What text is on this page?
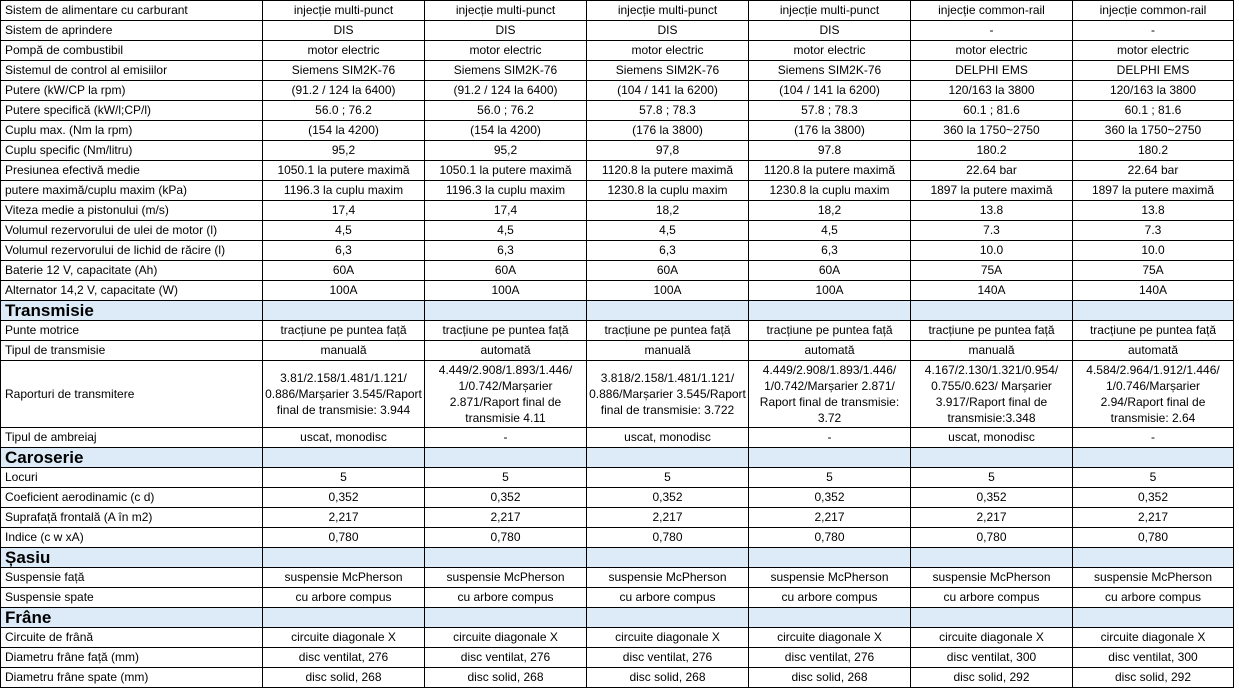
Sistem de alimentare cu carburant	injecție multi-punct	injecție multi-punct	injecție multi-punct	injecție multi-punct	injecție common-rail	injecție common-rail
Sistem de aprindere	DIS	DIS	DIS	DIS	-	-
Pompă de combustibil	motor electric	motor electric	motor electric	motor electric	motor electric	motor electric
Sistemul de control al emisiilor	Siemens SIM2K-76	Siemens SIM2K-76	Siemens SIM2K-76	Siemens SIM2K-76	DELPHI EMS	DELPHI EMS
Putere (kW/CP la rpm)	(91.2 / 124 la 6400)	(91.2 / 124 la 6400)	(104 / 141 la 6200)	(104 / 141 la 6200)	120/163 la 3800	120/163 la 3800
Putere specifică (kW/l;CP/l)	56.0 ; 76.2	56.0 ; 76.2	57.8 ; 78.3	57.8 ; 78.3	60.1 ; 81.6	60.1 ; 81.6
Cuplu max. (Nm la rpm)	(154 la 4200)	(154 la 4200)	(176 la 3800)	(176 la 3800)	360 la 1750~2750	360 la 1750~2750
Cuplu specific (Nm/litru)	95,2	95,2	97,8	97.8	180.2	180.2
Presiunea efectivă medie	1050.1 la putere maximă	1050.1 la putere maximă	1120.8 la putere maximă	1120.8 la putere maximă	22.64 bar	22.64 bar
putere maximă/cuplu maxim (kPa)	1196.3 la cuplu maxim	1196.3 la cuplu maxim	1230.8 la cuplu maxim	1230.8 la cuplu maxim	1897 la putere maximă	1897 la putere maximă
Viteza medie a pistonului (m/s)	17,4	17,4	18,2	18,2	13.8	13.8
Volumul rezervorului de ulei de motor (l)	4,5	4,5	4,5	4,5	7.3	7.3
Volumul rezervorului de lichid de răcire (l)	6,3	6,3	6,3	6,3	10.0	10.0
Baterie 12 V, capacitate (Ah)	60A	60A	60A	60A	75A	75A
Alternator 14,2 V, capacitate (W)	100A	100A	100A	100A	140A	140A
Transmisie						
Punte motrice	tracțiune pe puntea față	tracțiune pe puntea față	tracțiune pe puntea față	tracțiune pe puntea față	tracțiune pe puntea față	tracțiune pe puntea față
Tipul de transmisie	manuală	automată	manuală	automată	manuală	automată
Raporturi de transmitere	3.81/2.158/1.481/1.121/ 0.886/Marșarier 3.545/Raport final de transmisie: 3.944	4.449/2.908/1.893/1.446/ 1/0.742/Marșarier 2.871/Raport final de transmisie 4.11	3.818/2.158/1.481/1.121/ 0.886/Marșarier 3.545/Raport final de transmisie: 3.722	4.449/2.908/1.893/1.446/ 1/0.742/Marșarier 2.871/ Raport final de transmisie: 3.72	4.167/2.130/1.321/0.954/ 0.755/0.623/ Marșarier 3.917/Raport final de transmisie:3.348	4.584/2.964/1.912/1.446/ 1/0.746/Marșarier 2.94/Raport final de transmisie: 2.64
Tipul de ambreiaj	uscat, monodisc	-	uscat, monodisc	-	uscat, monodisc	-
Caroserie						
Locuri	5	5	5	5	5	5
Coeficient aerodinamic (c d)	0,352	0,352	0,352	0,352	0,352	0,352
Suprafață frontală (A în m2)	2,217	2,217	2,217	2,217	2,217	2,217
Indice (c w xA)	0,780	0,780	0,780	0,780	0,780	0,780
Șasiu						
Suspensie față	suspensie McPherson	suspensie McPherson	suspensie McPherson	suspensie McPherson	suspensie McPherson	suspensie McPherson
Suspensie spate	cu arbore compus	cu arbore compus	cu arbore compus	cu arbore compus	cu arbore compus	cu arbore compus
Frâne						
Circuite de frână	circuite diagonale X	circuite diagonale X	circuite diagonale X	circuite diagonale X	circuite diagonale X	circuite diagonale X
Diametru frâne față (mm)	disc ventilat, 276	disc ventilat, 276	disc ventilat, 276	disc ventilat, 276	disc ventilat, 300	disc ventilat, 300
Diametru frâne spate (mm)	disc solid, 268	disc solid, 268	disc solid, 268	disc solid, 268	disc solid, 292	disc solid, 292
